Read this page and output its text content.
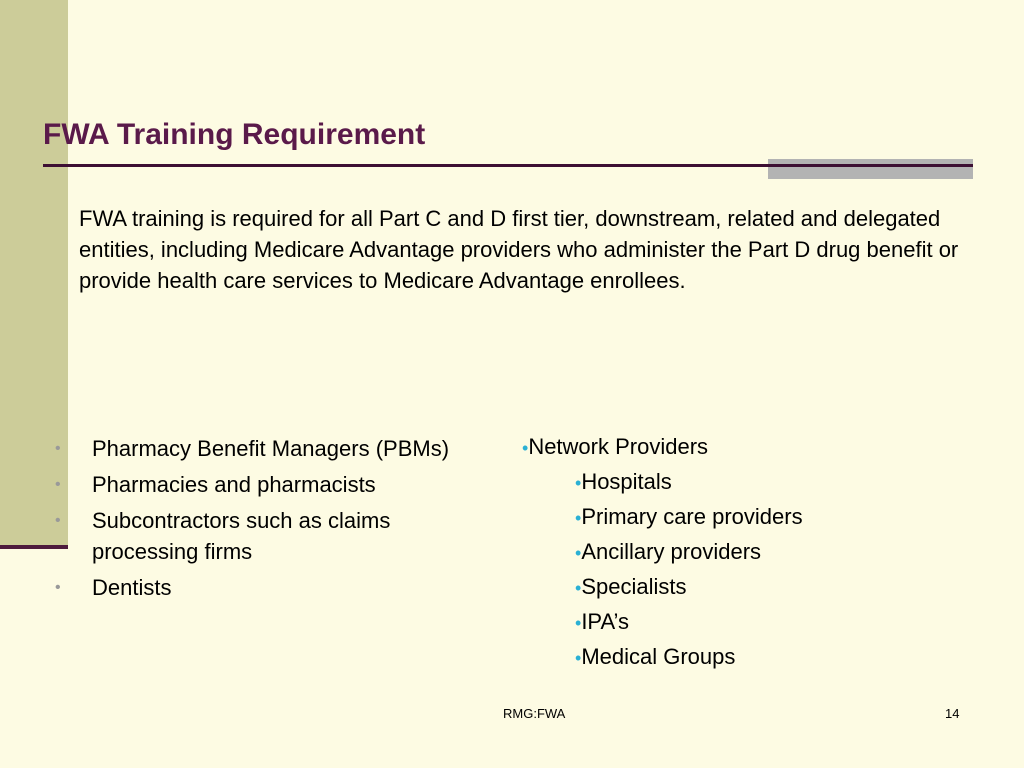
FWA Training Requirement

FWA training is required for all Part C and D first tier, downstream, related and delegated entities, including Medicare Advantage providers who administer the Part D drug benefit or provide health care services to Medicare Advantage enrollees.

• Pharmacy Benefit Managers (PBMs)
• Pharmacies and pharmacists
• Subcontractors such as claims processing firms
• Dentists
•Network Providers
•Hospitals
•Primary care providers
•Ancillary providers
•Specialists
•IPA’s
•Medical Groups
RMG:FWA	14
